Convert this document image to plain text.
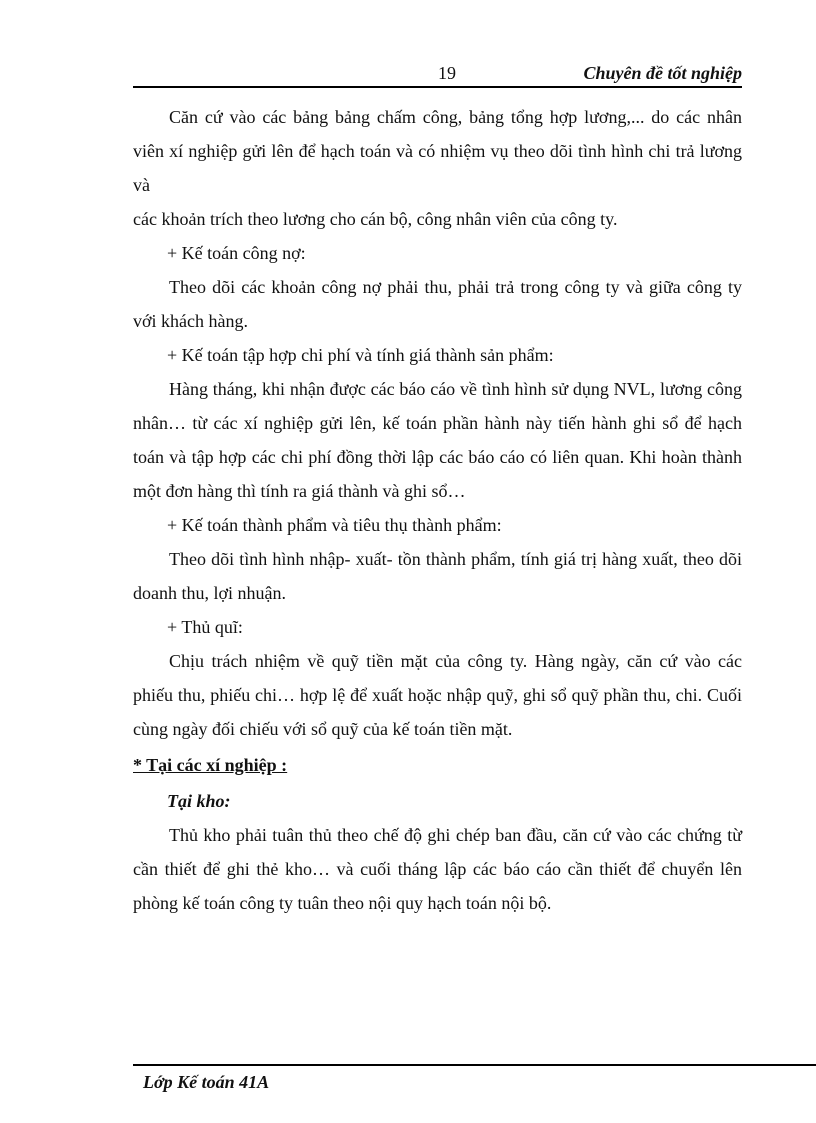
19	Chuyên đề tốt nghiệp

Căn cứ vào các bảng bảng chấm công, bảng tổng hợp lương,... do các nhân viên xí nghiệp gửi lên để hạch toán và có nhiệm vụ theo dõi tình hình chi trả lương và

các khoản trích theo lương cho cán bộ, công nhân viên của công ty.

+ Kế toán công nợ:

Theo dõi các khoản công nợ phải thu, phải trả trong công ty và giữa công ty với khách hàng.

+ Kế toán tập hợp chi phí và tính giá thành sản phẩm:

Hàng tháng, khi nhận được các báo cáo về tình hình sử dụng NVL, lương công nhân… từ các xí nghiệp gửi lên, kế toán phần hành này tiến hành ghi sổ để hạch toán và tập hợp các chi phí đồng thời lập các báo cáo có liên quan. Khi hoàn thành một đơn hàng thì tính ra giá thành và ghi sổ…

+ Kế toán thành phẩm và tiêu thụ thành phẩm:

Theo dõi tình hình nhập- xuất- tồn thành phẩm, tính giá trị hàng xuất, theo dõi doanh thu, lợi nhuận.

+ Thủ quĩ:

Chịu trách nhiệm về quỹ tiền mặt của công ty. Hàng ngày, căn cứ vào các phiếu thu, phiếu chi… hợp lệ để xuất hoặc nhập quỹ, ghi sổ quỹ phần thu, chi. Cuối cùng ngày đối chiếu với sổ quỹ của kế toán tiền mặt.

* Tại các xí nghiệp :

Tại kho:

Thủ kho phải tuân thủ theo chế độ ghi chép ban đầu, căn cứ vào các chứng từ cần thiết để ghi thẻ kho… và cuối tháng lập các báo cáo cần thiết để chuyển lên phòng kế toán công ty tuân theo nội quy hạch toán nội bộ.

Lớp Kế toán 41A
